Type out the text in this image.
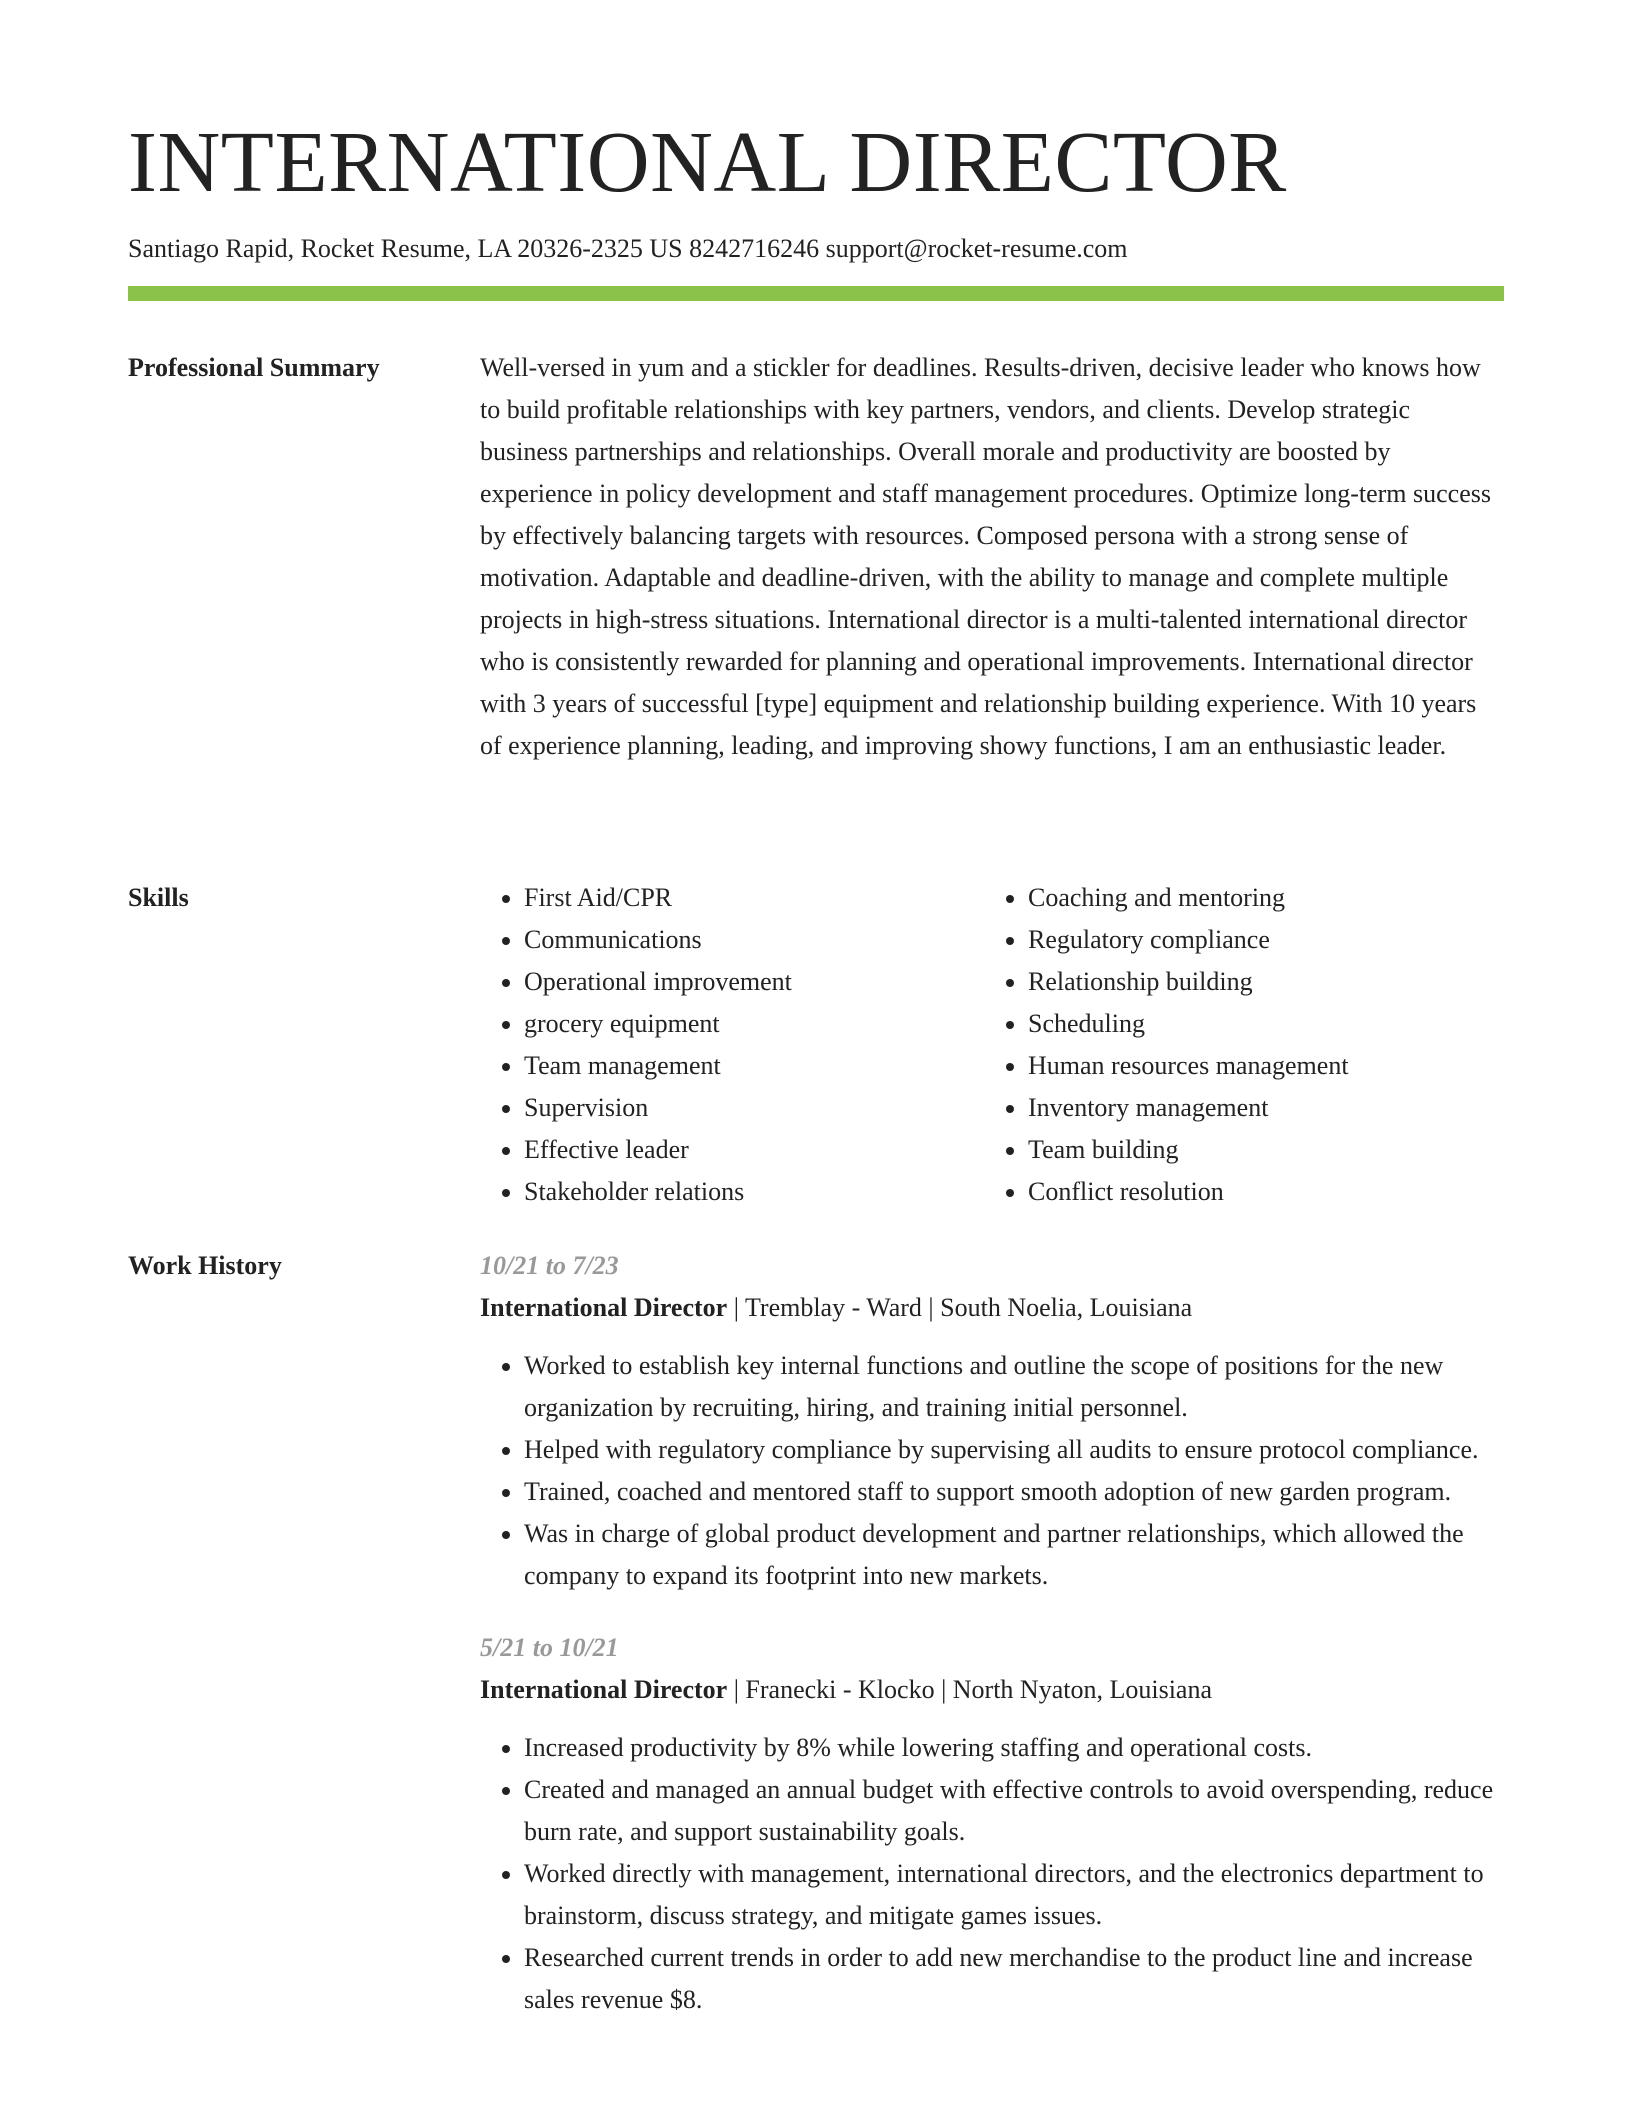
INTERNATIONAL DIRECTOR
Santiago Rapid, Rocket Resume, LA 20326-2325 US 8242716246 support@rocket-resume.com
Professional Summary	Well-versed in yum and a stickler for deadlines. Results-driven, decisive leader who knows how to build profitable relationships with key partners, vendors, and clients. Develop strategic business partnerships and relationships. Overall morale and productivity are boosted by experience in policy development and staff management procedures. Optimize long-term success by effectively balancing targets with resources. Composed persona with a strong sense of motivation. Adaptable and deadline-driven, with the ability to manage and complete multiple projects in high-stress situations. International director is a multi-talented international director who is consistently rewarded for planning and operational improvements. International director with 3 years of successful [type] equipment and relationship building experience. With 10 years of experience planning, leading, and improving showy functions, I am an enthusiastic leader.

Skills
•	First Aid/CPR
• Communications
• Operational improvement
• grocery equipment
• Team management
• Supervision
• Effective leader
• Stakeholder relations
• Coaching and mentoring
• Regulatory compliance
• Relationship building
• Scheduling
• Human resources management
• Inventory management
• Team building
• Conflict resolution
Work History	10/21 to 7/23
International Director | Tremblay - Ward | South Noelia, Louisiana
• Worked to establish key internal functions and outline the scope of positions for the new organization by recruiting, hiring, and training initial personnel.
• Helped with regulatory compliance by supervising all audits to ensure protocol compliance.
• Trained, coached and mentored staff to support smooth adoption of new garden program.
• Was in charge of global product development and partner relationships, which allowed the company to expand its footprint into new markets.
5/21 to 10/21
International Director | Franecki - Klocko | North Nyaton, Louisiana
• Increased productivity by 8% while lowering staffing and operational costs.
• Created and managed an annual budget with effective controls to avoid overspending, reduce burn rate, and support sustainability goals.
• Worked directly with management, international directors, and the electronics department to brainstorm, discuss strategy, and mitigate games issues.
• Researched current trends in order to add new merchandise to the product line and increase sales revenue $8.
